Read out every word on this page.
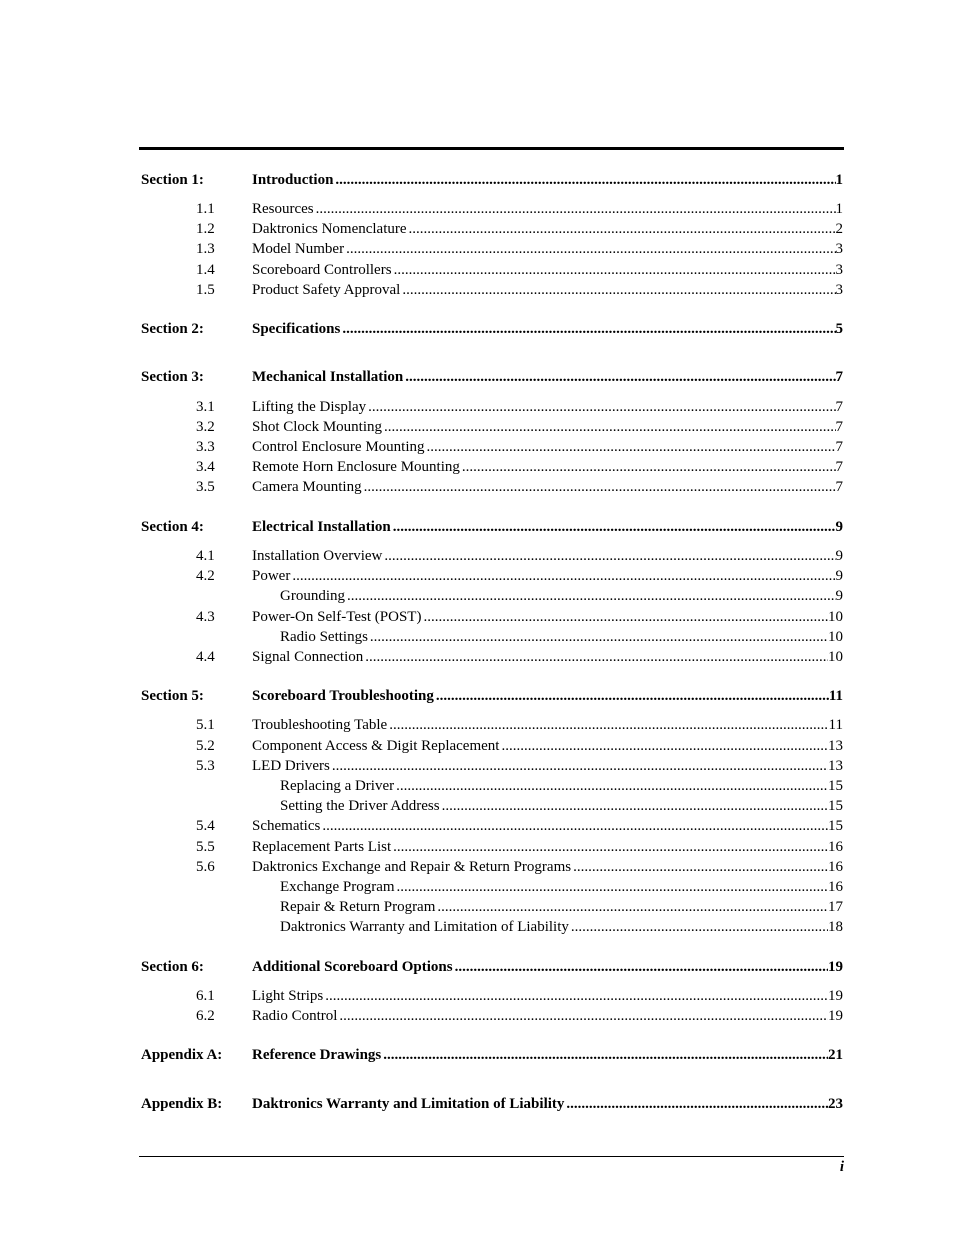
Section 1:	Introduction .....	1
1.1 Resources .....	1
1.2 Daktronics Nomenclature .....	2
1.3 Model Number .....	3
1.4 Scoreboard Controllers .....	3
1.5 Product Safety Approval .....	3
Section 2:	Specifications .....	5
Section 3:	Mechanical Installation .....	7
3.1 Lifting the Display .....	7
3.2 Shot Clock Mounting .....	7
3.3 Control Enclosure Mounting .....	7
3.4 Remote Horn Enclosure Mounting .....	7
3.5 Camera Mounting .....	7
Section 4:	Electrical Installation .....	9
4.1 Installation Overview .....	9
4.2 Power .....	9
Grounding .....	9
4.3 Power-On Self-Test (POST) .....	10
Radio Settings .....	10
4.4 Signal Connection .....	10
Section 5:	Scoreboard Troubleshooting .....	11
5.1 Troubleshooting Table .....	11
5.2 Component Access & Digit Replacement .....	13
5.3 LED Drivers .....	13
Replacing a Driver .....	15
Setting the Driver Address .....	15
5.4 Schematics .....	15
5.5 Replacement Parts List .....	16
5.6 Daktronics Exchange and Repair & Return Programs .....	16
Exchange Program .....	16
Repair & Return Program .....	17
Daktronics Warranty and Limitation of Liability .....	18
Section 6:	Additional Scoreboard Options .....	19
6.1 Light Strips .....	19
6.2 Radio Control .....	19
Appendix A: Reference Drawings .....	21
Appendix B: Daktronics Warranty and Limitation of Liability .....	23
i
